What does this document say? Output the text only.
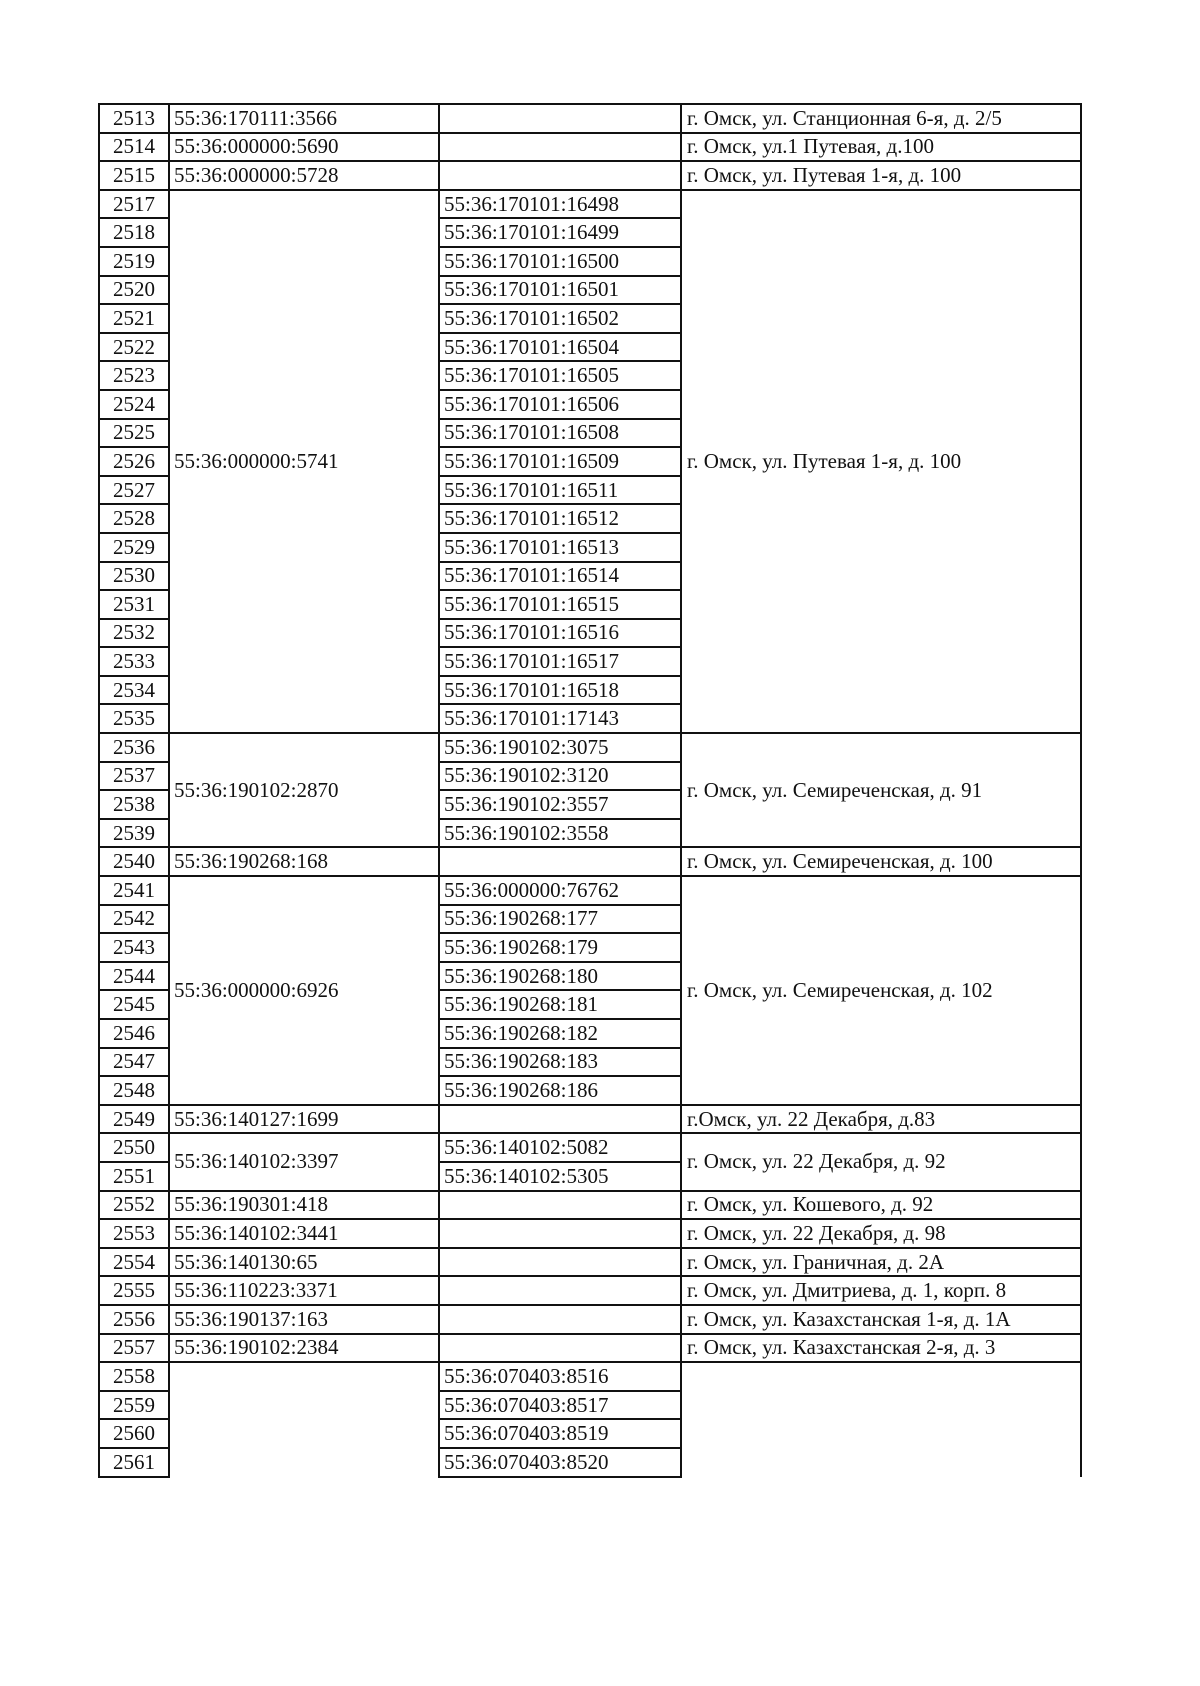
2513	55:36:170111:3566		г. Омск, ул. Станционная 6-я, д. 2/5
2514	55:36:000000:5690		г. Омск, ул.1 Путевая, д.100
2515	55:36:000000:5728		г. Омск, ул. Путевая 1-я, д. 100
2517	55:36:000000:5741	55:36:170101:16498	г. Омск, ул. Путевая 1-я, д. 100
2518		55:36:170101:16499	
2519		55:36:170101:16500	
2520		55:36:170101:16501	
2521		55:36:170101:16502	
2522		55:36:170101:16504	
2523		55:36:170101:16505	
2524		55:36:170101:16506	
2525		55:36:170101:16508	
2526		55:36:170101:16509	
2527		55:36:170101:16511	
2528		55:36:170101:16512	
2529		55:36:170101:16513	
2530		55:36:170101:16514	
2531		55:36:170101:16515	
2532		55:36:170101:16516	
2533		55:36:170101:16517	
2534		55:36:170101:16518	
2535		55:36:170101:17143	
2536	55:36:190102:2870	55:36:190102:3075	г. Омск, ул. Семиреченская, д. 91
2537		55:36:190102:3120	
2538		55:36:190102:3557	
2539		55:36:190102:3558	
2540	55:36:190268:168		г. Омск, ул. Семиреченская, д. 100
2541	55:36:000000:6926	55:36:000000:76762	г. Омск, ул. Семиреченская, д. 102
2542		55:36:190268:177	
2543		55:36:190268:179	
2544		55:36:190268:180	
2545		55:36:190268:181	
2546		55:36:190268:182	
2547		55:36:190268:183	
2548		55:36:190268:186	
2549	55:36:140127:1699		г.Омск, ул. 22 Декабря, д.83
2550	55:36:140102:3397	55:36:140102:5082	г. Омск, ул. 22 Декабря, д. 92
2551		55:36:140102:5305	
2552	55:36:190301:418		г. Омск, ул. Кошевого, д. 92
2553	55:36:140102:3441		г. Омск, ул. 22 Декабря, д. 98
2554	55:36:140130:65		г. Омск, ул. Граничная, д. 2А
2555	55:36:110223:3371		г. Омск, ул. Дмитриева, д. 1, корп. 8
2556	55:36:190137:163		г. Омск, ул. Казахстанская 1-я, д. 1А
2557	55:36:190102:2384		г. Омск, ул. Казахстанская 2-я, д. 3
2558		55:36:070403:8516	
2559		55:36:070403:8517	
2560		55:36:070403:8519	
2561		55:36:070403:8520	
